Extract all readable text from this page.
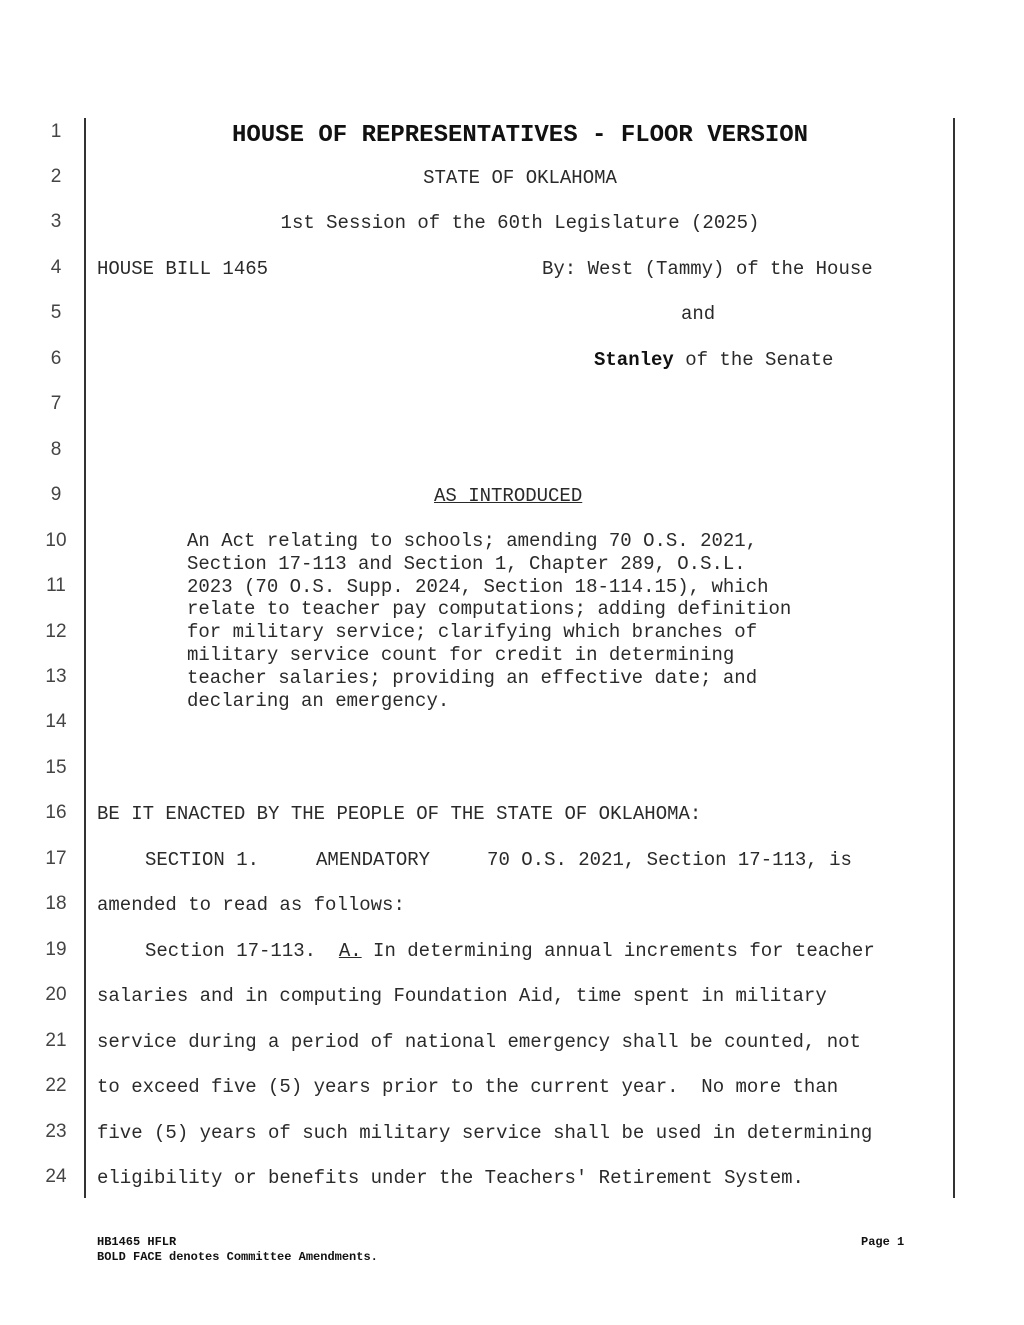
1
2
3
4
5
6
7
8
9
10
11
12
13
14
15
16
17
18
19
20
21
22
23
24
HOUSE OF REPRESENTATIVES - FLOOR VERSION
STATE OF OKLAHOMA
1st Session of the 60th Legislature (2025)
HOUSE BILL 1465	By: West (Tammy) of the House
and
Stanley of the Senate
AS INTRODUCED
An Act relating to schools; amending 70 O.S. 2021,
Section 17-113 and Section 1, Chapter 289, O.S.L.
2023 (70 O.S. Supp. 2024, Section 18-114.15), which
relate to teacher pay computations; adding definition
for military service; clarifying which branches of
military service count for credit in determining
teacher salaries; providing an effective date; and
declaring an emergency.
BE IT ENACTED BY THE PEOPLE OF THE STATE OF OKLAHOMA:
SECTION 1.     AMENDATORY     70 O.S. 2021, Section 17-113, is
amended to read as follows:
Section 17-113.  A. In determining annual increments for teacher
salaries and in computing Foundation Aid, time spent in military
service during a period of national emergency shall be counted, not
to exceed five (5) years prior to the current year.  No more than
five (5) years of such military service shall be used in determining
eligibility or benefits under the Teachers' Retirement System.
HB1465 HFLR
BOLD FACE denotes Committee Amendments.
Page 1
